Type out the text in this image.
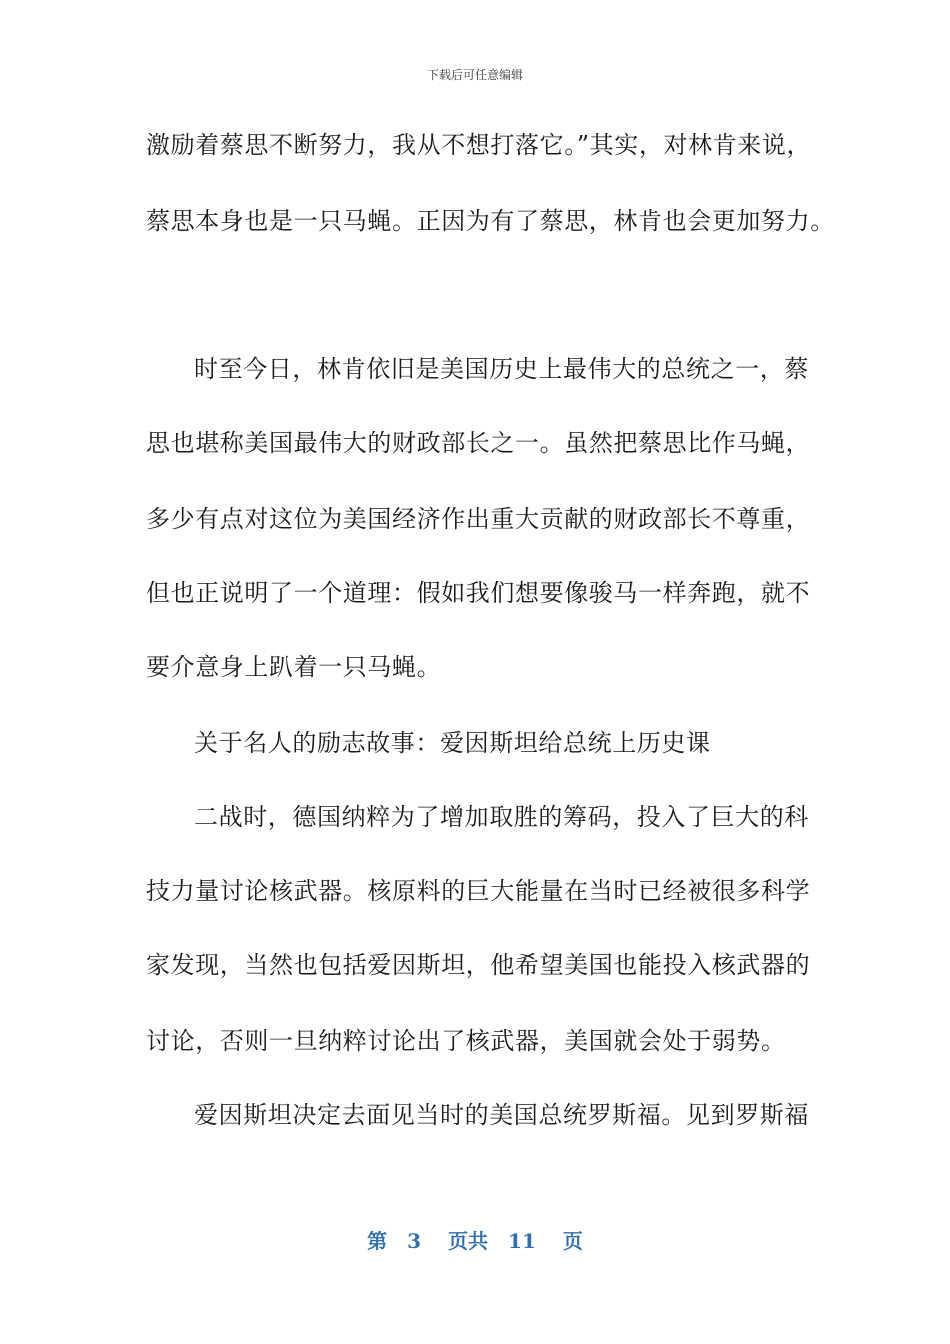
下载后可任意编辑
激励着蔡思不断努力，我从不想打落它。”其实，对林肯来说，
蔡思本身也是一只马蝇。正因为有了蔡思，林肯也会更加努力。
时至今日，林肯依旧是美国历史上最伟大的总统之一，蔡
思也堪称美国最伟大的财政部长之一。虽然把蔡思比作马蝇，
多少有点对这位为美国经济作出重大贡献的财政部长不尊重，
但也正说明了一个道理：假如我们想要像骏马一样奔跑，就不
要介意身上趴着一只马蝇。
关于名人的励志故事：爱因斯坦给总统上历史课
二战时，德国纳粹为了增加取胜的筹码，投入了巨大的科
技力量讨论核武器。核原料的巨大能量在当时已经被很多科学
家发现，当然也包括爱因斯坦，他希望美国也能投入核武器的
讨论，否则一旦纳粹讨论出了核武器，美国就会处于弱势。
爱因斯坦决定去面见当时的美国总统罗斯福。见到罗斯福
第　3　 页共　11　 页
